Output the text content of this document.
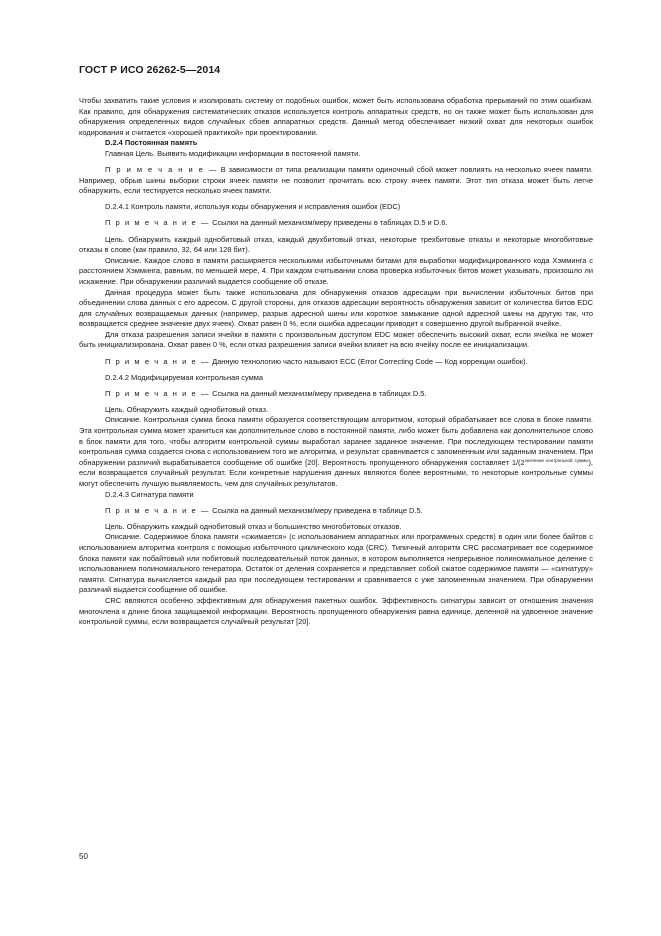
ГОСТ Р ИСО 26262-5—2014

Чтобы захватить такие условия и изолировать систему от подобных ошибок, может быть использована обработка прерываний по этим ошибкам. Как правило, для обнаружения систематических отказов используется контроль аппаратных средств, но он также может быть использован для обнаружения определенных видов случайных сбоев аппаратных средств. Данный метод обеспечивает низкий охват для некоторых ошибок кодирования и считается «хорошей практикой» при проектировании.

D.2.4 Постоянная память

Главная Цель. Выявить модификации информации в постоянной памяти.

П р и м е ч а н и е — В зависимости от типа реализации памяти одиночный сбой может повлиять на несколько ячеек памяти. Например, обрыв шины выборки строки ячеек памяти не позволит прочитать всю строку ячеек памяти. Этот тип отказа может быть легче обнаружить, если тестируется несколько ячеек памяти.

D.2.4.1 Контроль памяти, используя коды обнаружения и исправления ошибок (EDC)

П р и м е ч а н и е — Ссылки на данный механизм/меру приведены в таблицах D.5 и D.6.

Цель. Обнаружить каждый однобитовый отказ, каждый двухбитовый отказ, некоторые трехбитовые отказы и некоторые многобитовые отказы в слове (как правило, 32, 64 или 128 бит).

Описание. Каждое слово в памяти расширяется несколькими избыточными битами для выработки модифицированного кода Хэмминга с расстоянием Хэмминга, равным, по меньшей мере, 4. При каждом считывании слова проверка избыточных битов может указывать, произошло ли искажение. При обнаружении различий выдается сообщение об отказе.

Данная процедура может быть также использована для обнаружения отказов адресации при вычислении избыточных битов при объединении слова данных с его адресом. С другой стороны, для отказов адресации вероятность обнаружения зависит от количества битов EDC для случайных возвращаемых данных (например, разрыв адресной шины или короткое замыкание одной адресной шины на другую так, что возвращается среднее значение двух ячеек). Охват равен 0 %, если ошибка адресации приводит к совершенно другой выбранной ячейке.

Для отказа разрешения записи ячейки в памяти с произвольным доступом EDC может обеспечить высокий охват, если ячейка не может быть инициализирована. Охват равен 0 %, если отказ разрешения записи ячейки влияет на всю ячейку после ее инициализации.

П р и м е ч а н и е — Данную технологию часто называют ECC (Error Correcting Code — Код коррекции ошибок).

D.2.4.2 Модифицируемая контрольная сумма

П р и м е ч а н и е — Ссылка на данный механизм/меру приведена в таблицах D.5.

Цель. Обнаружить каждый однобитовый отказ.

Описание. Контрольная сумма блока памяти образуется соответствующим алгоритмом, который обрабатывает все слова в блоке памяти. Эта контрольная сумма может храниться как дополнительное слово в постоянной памяти, либо может быть добавлена как дополнительное слово в блок памяти для того, чтобы алгоритм контрольной суммы выработал заранее заданное значение. При последующем тестировании памяти контрольная сумма создается снова с использованием того же алгоритма, и результат сравнивается с запомненным или заданным значением. При обнаружении различий вырабатывается сообщение об ошибке [20]. Вероятность пропущенного обнаружения составляет $1/(2^{значение контрольной суммы})$, если возвращается случайный результат. Если конкретные нарушения данных являются более вероятными, то некоторые контрольные суммы могут обеспечить лучшую выявляемость, чем для случайных результатов.

D.2.4.3 Сигнатура памяти

П р и м е ч а н и е — Ссылка на данный механизм/меру приведена в таблице D.5.

Цель. Обнаружить каждый однобитовый отказ и большинство многобитовых отказов.

Описание. Содержимое блока памяти «сжимается» (с использованием аппаратных или программных средств) в один или более байтов с использованием алгоритма контроля с помощью избыточного циклического кода (CRC). Типичный алгоритм CRC рассматривает все содержимое блока памяти как побайтовый или побитовый последовательный поток данных, в котором выполняется непрерывное полиномиальное деление с использованием полиномиального генератора. Остаток от деления сохраняется и представляет собой сжатое содержимое памяти — «сигнатуру» памяти. Сигнатура вычисляется каждый раз при последующем тестировании и сравнивается с уже запомненным значением. При обнаружении различий выдается сообщение об ошибке.

CRC являются особенно эффективным для обнаружения пакетных ошибок. Эффективность сигнатуры зависит от отношения значения многочлена к длине блока защищаемой информации. Вероятность пропущенного обнаружения равна единице, деленной на удвоенное значение контрольной суммы, если возвращается случайный результат [20].

50
